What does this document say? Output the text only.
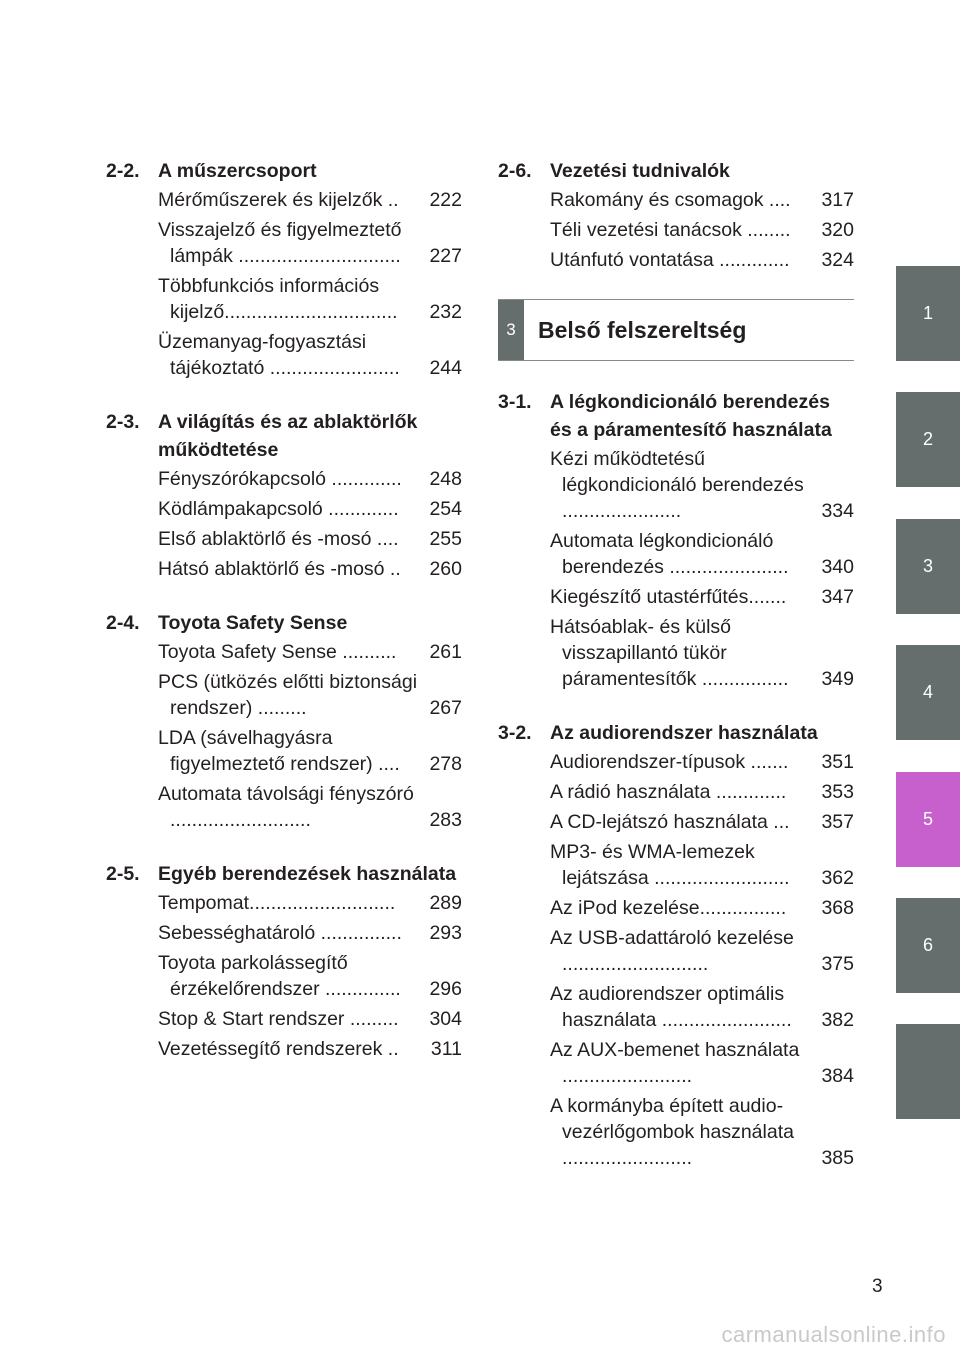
2-2. A műszercsoport
Mérőműszerek és kijelzők ..	222
Visszajelző és figyelmeztető lámpák ..............................	227
Többfunkciós információs kijelző................................	232
Üzemanyag-fogyasztási tájékoztató ........................	244
2-3. A világítás és az ablaktörlők működtetése
Fényszórókapcsoló .............	248
Ködlámpakapcsoló .............	254
Első ablaktörlő és -mosó ....	255
Hátsó ablaktörlő és -mosó ..	260
2-4. Toyota Safety Sense
Toyota Safety Sense ..........	261
PCS (ütközés előtti biztonsági rendszer) .........	267
LDA (sávelhagyásra figyelmeztető rendszer) ....	278
Automata távolsági fényszóró ..........................	283
2-5. Egyéb berendezések használata
Tempomat...........................	289
Sebességhatároló ...............	293
Toyota parkolássegítő érzékelőrendszer ..............	296
Stop & Start rendszer .........	304
Vezetéssegítő rendszerek ..	311
2-6. Vezetési tudnivalók
Rakomány és csomagok ....	317
Téli vezetési tanácsok ........	320
Utánfutó vontatása .............	324
3 Belső felszereltség
3-1. A légkondicionáló berendezés és a páramentesítő használata
Kézi működtetésű légkondicionáló berendezés ......................	334
Automata légkondicionáló berendezés ......................	340
Kiegészítő utastérfűtés.......	347
Hátsóablak- és külső visszapillantó tükör páramentesítők ................	349
3-2. Az audiorendszer használata
Audiorendszer-típusok .......	351
A rádió használata .............	353
A CD-lejátszó használata ...	357
MP3- és WMA-lemezek lejátszása .........................	362
Az iPod kezelése................	368
Az USB-adattároló kezelése ...........................	375
Az audiorendszer optimális használata ........................	382
Az AUX-bemenet használata ........................	384
A kormányba épített audio-vezérlőgombok használata ........................	385
1
2
3
4
5
6
3
carmanualsonline.info
